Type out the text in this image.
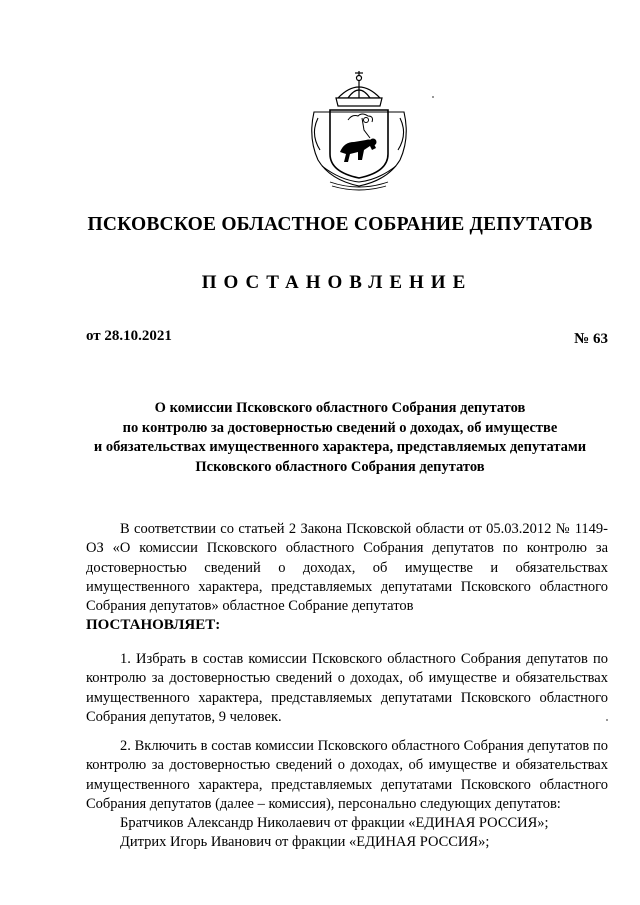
ПСКОВСКОЕ ОБЛАСТНОЕ СОБРАНИЕ ДЕПУТАТОВ
ПОСТАНОВЛЕНИЕ
от 28.10.2021	№ 63
О комиссии Псковского областного Собрания депутатов
по контролю за достоверностью сведений о доходах, об имуществе
и обязательствах имущественного характера, представляемых депутатами
Псковского областного Собрания депутатов
В соответствии со статьей 2 Закона Псковской области от 05.03.2012 № 1149-ОЗ «О комиссии Псковского областного Собрания депутатов по контролю за достоверностью сведений о доходах, об имуществе и обязательствах имущественного характера, представляемых депутатами Псковского областного Собрания депутатов» областное Собрание депутатов
ПОСТАНОВЛЯЕТ:
1. Избрать в состав комиссии Псковского областного Собрания депутатов по контролю за достоверностью сведений о доходах, об имуществе и обязательствах имущественного характера, представляемых депутатами Псковского областного Собрания депутатов, 9 человек.
2. Включить в состав комиссии Псковского областного Собрания депутатов по контролю за достоверностью сведений о доходах, об имуществе и обязательствах имущественного характера, представляемых депутатами Псковского областного Собрания депутатов (далее – комиссия), персонально следующих депутатов:
Братчиков Александр Николаевич от фракции «ЕДИНАЯ РОССИЯ»;
Дитрих Игорь Иванович от фракции «ЕДИНАЯ РОССИЯ»;
